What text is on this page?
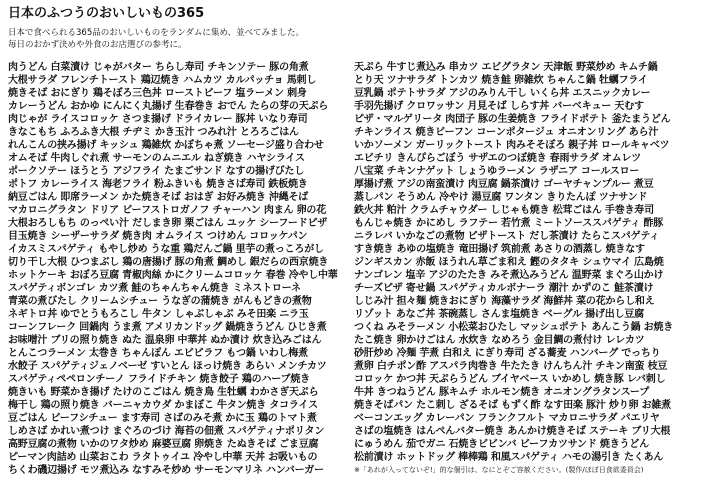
日本のふつうのおいしいもの365

日本で食べられる365品のおいしいものをランダムに集め、並べてみました。

毎日のおかず決めや外食のお店選びの参考に。

肉うどん 白菜漬け じゃがバター ちらし寿司 チキンソテー 豚の角煮
大根サラダ フレンチトースト 鶏辺焼き ハムカツ カルパッチョ 馬刺し
焼きそば おにぎり 鶏そぼろ三色丼 ローストビーフ 塩ラーメン 刺身
カレーうどん おかゆ にんにく丸揚げ 生春巻き おでん たらの芽の天ぷら
肉じゃが ライスコロッケ さつま揚げ ドライカレー 豚丼 いなり寿司
きなこもち ふろふき大根 チヂミ かき玉汁 つみれ汁 とろろごはん
れんこんの挟み揚げ キッシュ 鶏雑炊 かぼちゃ煮 ソーセージ盛り合わせ
オムそば 牛肉しぐれ煮 サーモンのムニエル ねぎ焼き ハヤシライス
ポークソテー ほうとう アジフライ たまごサンド なすの揚げびたし
ポトフ カレーライス 海老フライ 粉ふきいも 焼きさば寿司 鉄板焼き
納豆ごはん 即席ラーメン かた焼きそば おはぎ お好み焼き 沖縄そば
マカロニグラタン ドリア ビーフストロガノフ チャーハン 肉まん 卵の花
大根おろしもち のっぺい汁 だしまき卵 栗ごはん ユッケ シーフードピザ
目玉焼き シーザーサラダ 焼き肉 オムライス つけめん コロッケパン
イカスミスパゲティ もやし炒め うな重 鶏だんご鍋 里芋の煮っころがし
切り干し大根 ひつまぶし 鶏の唐揚げ 豚の角煮 鯛めし 銀だらの西京焼き
ホットケーキ おぼろ豆腐 青椒肉絲 かにクリームコロッケ 春巻 冷やし中華
スパゲティボンゴレ カツ煮 鮭のちゃんちゃん焼き ミネストローネ
青菜の煮びたし クリームシチュー うなぎの蒲焼き がんもどきの煮物
ネギトロ丼 ゆでとうもろこし 牛タン しゃぶしゃぶ みそ田楽 ニラ玉
コーンフレーク 回鍋肉 うま煮 アメリカンドッグ 鍋焼きうどん ひじき煮
お味噌汁 ブリの照り焼き ぬた 温泉卵 中華丼 ぬか漬け 炊き込みごはん
とんこつラーメン 太巻き ちゃんぽん エビピラフ もつ鍋 いわし梅煮
水餃子 スパゲティジェノベーゼ すいとん ほっけ焼き あらい メンチカツ
スパゲティペペロンチーノ フライドチキン 焼き餃子 鶏のハーブ焼き
焼きいも 野菜かき揚げ たけのこごはん 焼き鳥 生牡蠣 わかさぎ天ぷら
梅干し 鶏の照り焼き バーニャカウダ かまぼこ 牛タン焼き タコライス
豆ごはん ビーフシチュー ます寿司 さばのみそ煮 かに玉 鶏のトマト煮
しめさば かれい煮つけ まぐろのづけ 海苔の佃煮 スパゲティナポリタン
高野豆腐の煮物 いかのワタ炒め 麻婆豆腐 卵焼き たぬきそば ごま豆腐
ピーマン肉詰め 山菜おこわ ラタトゥイユ 冷やし中華 天丼 お吸いもの
ちくわ磯辺揚げ モツ煮込み なすみそ炒め サーモンマリネ ハンバーガー
天ぷら 牛すじ煮込み 串カツ エビグラタン 天津飯 野菜炒め キムチ鍋
とり天 ツナサラダ トンカツ 焼き鮭 卵雑炊 ちゃんこ鍋 牡蠣フライ
豆乳鍋 ポテトサラダ アジのみりん干し いくら丼 エスニックカレー
手羽先揚げ クロワッサン 月見そば しらす丼 バーベキュー 天むす
ピザ・マルゲリータ 肉団子 豚の生姜焼き フライドポテト 釜たまうどん
チキンライス 焼きビーフン コーンポタージュ オニオンリング あら汁
いかソーメン ガーリックトースト 肉みそそぼろ 親子丼 ロールキャベツ
エビチリ きんぴらごぼう サザエのつぼ焼き 春雨サラダ オムレツ
八宝菜 チキンナゲット しょうゆラーメン ラザニア コールスロー
厚揚げ煮 アジの南蛮漬け 肉豆腐 鍋茶漬け ゴーヤチャンプルー 煮豆
蒸しパン そうめん 冷やけ 湯豆腐 ワンタン きりたんぽ ツナサンド
鉄火丼 粕汁 クラムチャウダー しじゃも焼き 松茸ごはん 手巻き寿司
もんじゃ焼き かにめし ラフテー 若竹煮 ミートソーススパゲティ 酢豚
ニラレバ いかなごの煮物 ピザトースト だし茶漬け たらこスパゲティ
すき焼き あゆの塩焼き 竜田揚げ 筑前煮 あさりの酒蒸し 焼きなす
ジンギスカン 赤飯 ほうれん草ごま和え 鰹のタタキ シュウマイ 広島焼
ナンゴレン 塩辛 アジのたたき みそ煮込みうどん 温野菜 まぐろ山かけ
チーズピザ 寄せ鍋 スパゲティカルボナーラ 潮汁 かずのこ 鮭茶漬け
しじみ汁 担々麺 焼きおにぎり 海藻サラダ 海鮮丼 菜の花からし和え
リゾット あなご丼 茶碗蒸し さんま塩焼き ベーグル 揚げ出し豆腐
つくね みそラーメン 小松菜おひたし マッシュポテト あんこう鍋 お焼き
たこ焼き 卵かけごはん 水炊き なめろう 金目鯛の煮付け レレカツ
砂肝炒め 冷麺 芋煮 白和え にぎり寿司 ざる蕎麦 ハンバーグ でっちり
煮卵 白チポン酢 アスパラ肉巻き 牛たたき けんちん汁 チキン南蛮 枝豆
コロッケ かつ丼 天ぷらうどん ブイヤベース いかめし 焼き豚 レバ刺し
牛丼 きつねうどん 豚キムチ ホルモン焼き オニオングラタンスープ
焼きそばパン たこ刺し ざるそば もずく酢 なす田楽 豚汁 炒り卵 お雑煮
ベーコンエッグ カレーパン フランクフルト マカロニサラダ パエリヤ
さばの塩焼き はんぺんバター焼き あんかけ焼きそば ステーキ ブリ大根
にゅうめん 茄でガニ 石焼きビビンバ ビーフカツサンド 焼きうどん
松前漬け ホットドッグ 棒棒鶏 和風スパゲティ ハモの湯引き たくあん
※「あれが入ってないぞ!」的な個引は、なにとぞご容赦ください。(製作/ほぼ日食欲委員会)
